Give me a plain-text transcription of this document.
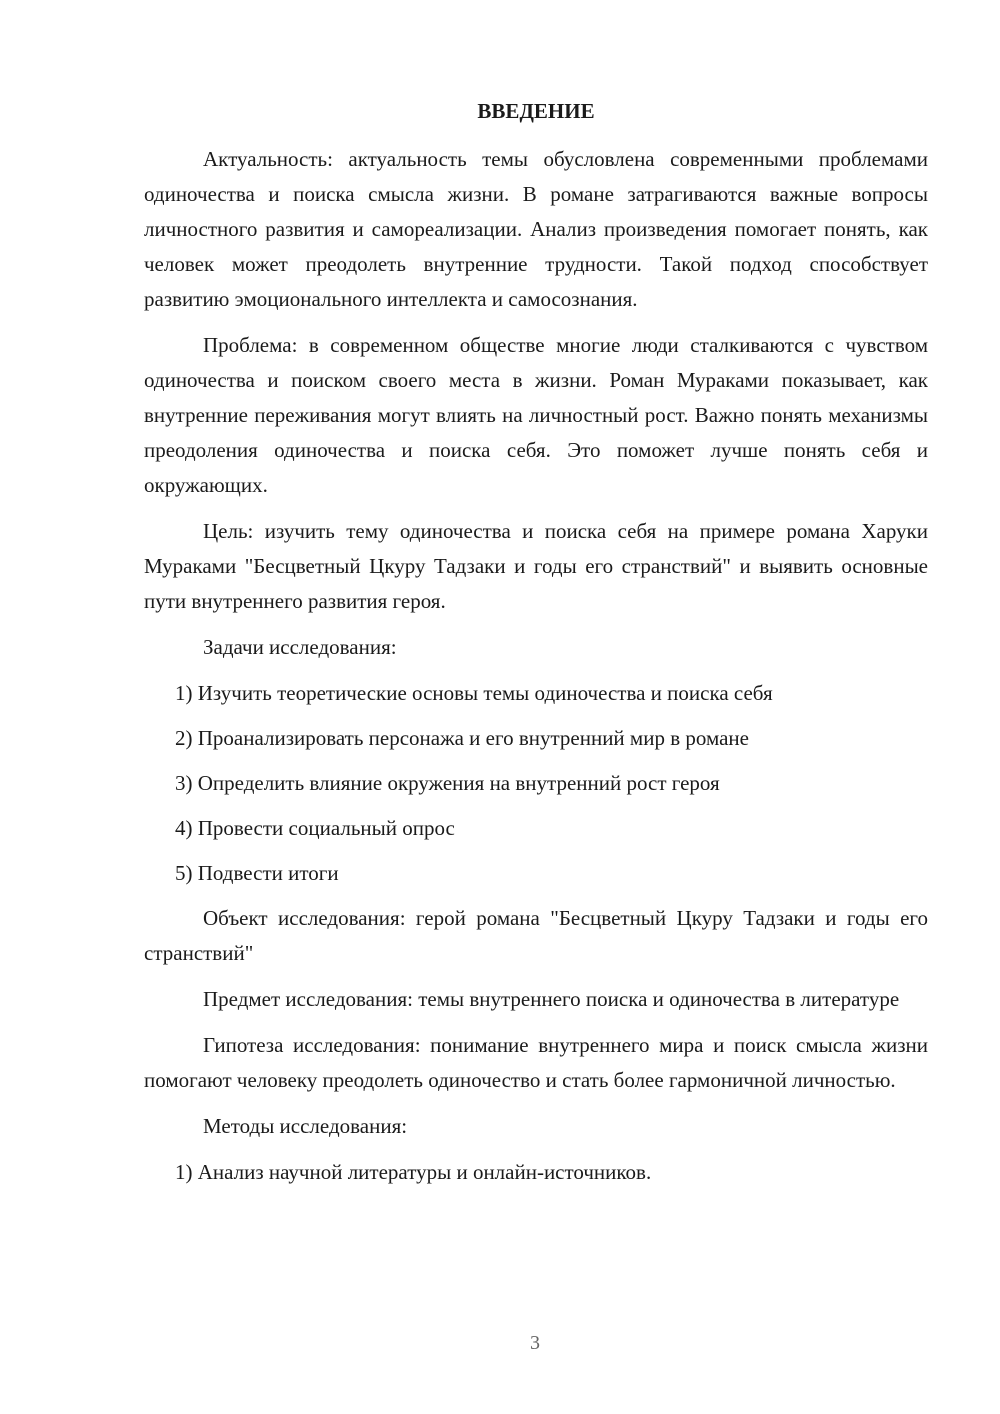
ВВЕДЕНИЕ

Актуальность: актуальность темы обусловлена современными проблемами одиночества и поиска смысла жизни. В романе затрагиваются важные вопросы личностного развития и самореализации. Анализ произведения помогает понять, как человек может преодолеть внутренние трудности. Такой подход способствует развитию эмоционального интеллекта и самосознания.

Проблема: в современном обществе многие люди сталкиваются с чувством одиночества и поиском своего места в жизни. Роман Мураками показывает, как внутренние переживания могут влиять на личностный рост. Важно понять механизмы преодоления одиночества и поиска себя. Это поможет лучше понять себя и окружающих.

Цель: изучить тему одиночества и поиска себя на примере романа Харуки Мураками "Бесцветный Цкуру Тадзаки и годы его странствий" и выявить основные пути внутреннего развития героя.

Задачи исследования:

1) Изучить теоретические основы темы одиночества и поиска себя
2) Проанализировать персонажа и его внутренний мир в романе
3) Определить влияние окружения на внутренний рост героя
4) Провести социальный опрос
5) Подвести итоги

Объект исследования: герой романа "Бесцветный Цкуру Тадзаки и годы его странствий"

Предмет исследования: темы внутреннего поиска и одиночества в литературе

Гипотеза исследования: понимание внутреннего мира и поиск смысла жизни помогают человеку преодолеть одиночество и стать более гармоничной личностью.

Методы исследования:

1) Анализ научной литературы и онлайн-источников.
3
